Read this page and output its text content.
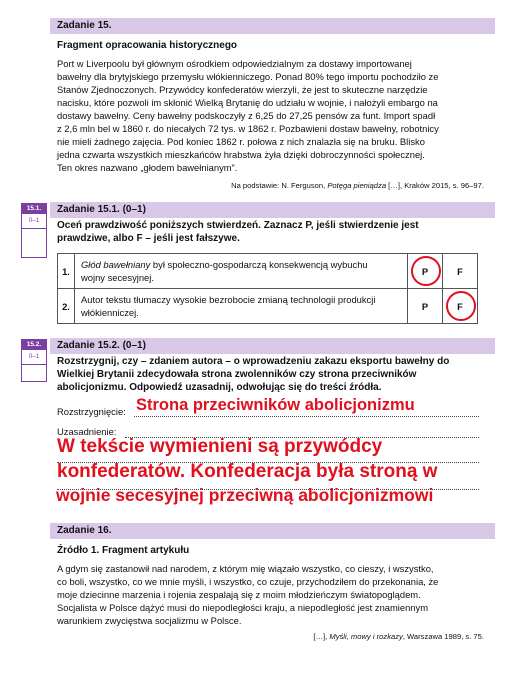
Zadanie 15.
Fragment opracowania historycznego
Port w Liverpoolu był głównym ośrodkiem odpowiedzialnym za dostawy importowanej
bawełny dla brytyjskiego przemysłu włókienniczego. Ponad 80% tego importu pochodziło ze
Stanów Zjednoczonych. Przywódcy konfederatów wierzyli, że jest to skuteczne narzędzie
nacisku, które pozwoli im skłonić Wielką Brytanię do udziału w wojnie, i nałożyli embargo na
dostawy bawełny. Ceny bawełny podskoczyły z 6,25 do 27,25 pensów za funt. Import spadł
z 2,6 mln bel w 1860 r. do niecałych 72 tys. w 1862 r. Pozbawieni dostaw bawełny, robotnicy
nie mieli żadnego zajęcia. Pod koniec 1862 r. połowa z nich znalazła się na bruku. Blisko
jedna czwarta wszystkich mieszkańców hrabstwa żyła dzięki dobroczynności społecznej.
Ten okres nazwano „głodem bawełnianym”.
Na podstawie: N. Ferguson, Potęga pieniądza […], Kraków 2015, s. 96–97.
15.1.
0–1
Zadanie 15.1. (0–1)
Oceń prawdziwość poniższych stwierdzeń. Zaznacz P, jeśli stwierdzenie jest
prawdziwe, albo F – jeśli jest fałszywe.
1.	Głód bawełniany był społeczno-gospodarczą konsekwencją wybuchu
wojny secesyjnej.	P	F
2.	Autor tekstu tłumaczy wysokie bezrobocie zmianą technologii produkcji
włókienniczej.	P	F
15.2.
0–1
Zadanie 15.2. (0–1)
Rozstrzygnij, czy – zdaniem autora – o wprowadzeniu zakazu eksportu bawełny do
Wielkiej Brytanii zdecydowała strona zwolenników czy strona przeciwników
abolicjonizmu. Odpowiedź uzasadnij, odwołując się do treści źródła.
Rozstrzygnięcie: Strona przeciwników abolicjonizmu
Uzasadnienie:
W tekście wymienieni są przywódcy
konfederatów. Konfederacja była stroną w
wojnie secesyjnej przeciwną abolicjonizmowi
Zadanie 16.
Źródło 1. Fragment artykułu
A gdym się zastanowił nad narodem, z którym mię wiązało wszystko, co cieszy, i wszystko,
co boli, wszystko, co we mnie myśli, i wszystko, co czuje, przychodziłem do przekonania, że
moje dziecinne marzenia i rojenia zespalają się z moim młodzieńczym światopoglądem.
Socjalista w Polsce dążyć musi do niepodległości kraju, a niepodległość jest znamiennym
warunkiem zwycięstwa socjalizmu w Polsce.
[…], Myśli, mowy i rozkazy, Warszawa 1989, s. 75.
